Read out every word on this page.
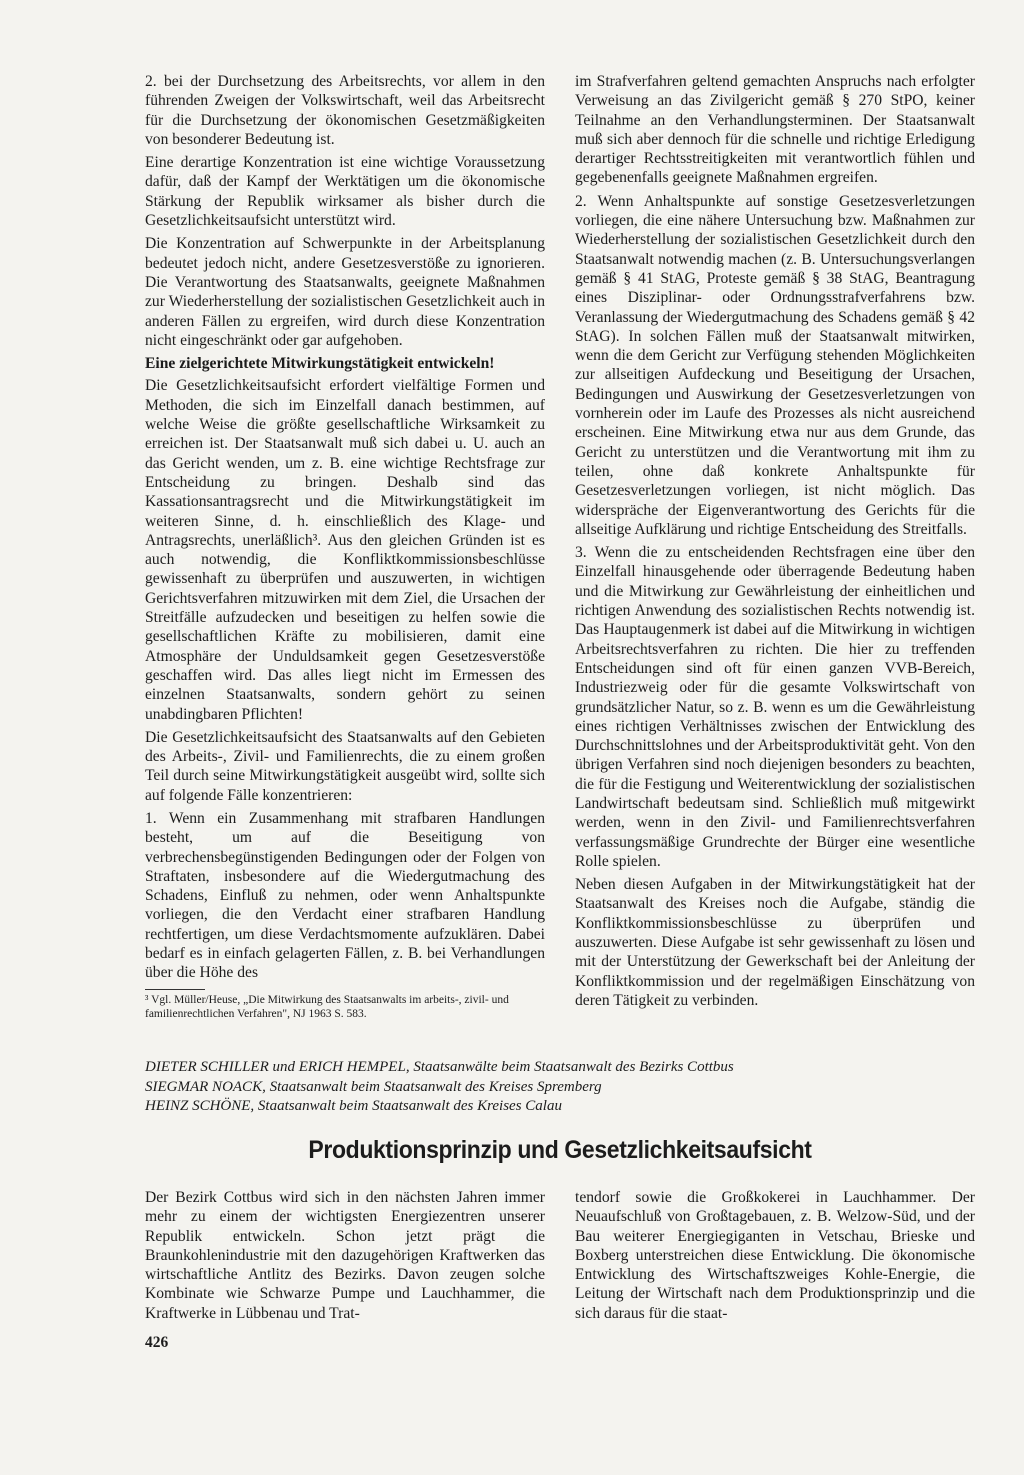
2. bei der Durchsetzung des Arbeitsrechts, vor allem in den führenden Zweigen der Volkswirtschaft, weil das Arbeitsrecht für die Durchsetzung der ökonomischen Gesetzmäßigkeiten von besonderer Bedeutung ist.

Eine derartige Konzentration ist eine wichtige Voraussetzung dafür, daß der Kampf der Werktätigen um die ökonomische Stärkung der Republik wirksamer als bisher durch die Gesetzlichkeitsaufsicht unterstützt wird.

Die Konzentration auf Schwerpunkte in der Arbeitsplanung bedeutet jedoch nicht, andere Gesetzesverstöße zu ignorieren. Die Verantwortung des Staatsanwalts, geeignete Maßnahmen zur Wiederherstellung der sozialistischen Gesetzlichkeit auch in anderen Fällen zu ergreifen, wird durch diese Konzentration nicht eingeschränkt oder gar aufgehoben.

Eine zielgerichtete Mitwirkungstätigkeit entwickeln!

Die Gesetzlichkeitsaufsicht erfordert vielfältige Formen und Methoden, die sich im Einzelfall danach bestimmen, auf welche Weise die größte gesellschaftliche Wirksamkeit zu erreichen ist. Der Staatsanwalt muß sich dabei u. U. auch an das Gericht wenden, um z. B. eine wichtige Rechtsfrage zur Entscheidung zu bringen. Deshalb sind das Kassationsantragsrecht und die Mitwirkungstätigkeit im weiteren Sinne, d. h. einschließlich des Klage- und Antragsrechts, unerläßlich³. Aus den gleichen Gründen ist es auch notwendig, die Konfliktkommissionsbeschlüsse gewissenhaft zu überprüfen und auszuwerten, in wichtigen Gerichtsverfahren mitzuwirken mit dem Ziel, die Ursachen der Streitfälle aufzudecken und beseitigen zu helfen sowie die gesellschaftlichen Kräfte zu mobilisieren, damit eine Atmosphäre der Unduldsamkeit gegen Gesetzesverstöße geschaffen wird. Das alles liegt nicht im Ermessen des einzelnen Staatsanwalts, sondern gehört zu seinen unabdingbaren Pflichten!

Die Gesetzlichkeitsaufsicht des Staatsanwalts auf den Gebieten des Arbeits-, Zivil- und Familienrechts, die zu einem großen Teil durch seine Mitwirkungstätigkeit ausgeübt wird, sollte sich auf folgende Fälle konzentrieren:

1. Wenn ein Zusammenhang mit strafbaren Handlungen besteht, um auf die Beseitigung von verbrechensbegünstigenden Bedingungen oder der Folgen von Straftaten, insbesondere auf die Wiedergutmachung des Schadens, Einfluß zu nehmen, oder wenn Anhaltspunkte vorliegen, die den Verdacht einer strafbaren Handlung rechtfertigen, um diese Verdachtsmomente aufzuklären. Dabei bedarf es in einfach gelagerten Fällen, z. B. bei Verhandlungen über die Höhe des

³ Vgl. Müller/Heuse, „Die Mitwirkung des Staatsanwalts im arbeits-, zivil- und familienrechtlichen Verfahren", NJ 1963 S. 583.

im Strafverfahren geltend gemachten Anspruchs nach erfolgter Verweisung an das Zivilgericht gemäß § 270 StPO, keiner Teilnahme an den Verhandlungsterminen. Der Staatsanwalt muß sich aber dennoch für die schnelle und richtige Erledigung derartiger Rechtsstreitigkeiten mit verantwortlich fühlen und gegebenenfalls geeignete Maßnahmen ergreifen.

2. Wenn Anhaltspunkte auf sonstige Gesetzesverletzungen vorliegen, die eine nähere Untersuchung bzw. Maßnahmen zur Wiederherstellung der sozialistischen Gesetzlichkeit durch den Staatsanwalt notwendig machen (z. B. Untersuchungsverlangen gemäß § 41 StAG, Proteste gemäß § 38 StAG, Beantragung eines Disziplinar- oder Ordnungsstrafverfahrens bzw. Veranlassung der Wiedergutmachung des Schadens gemäß § 42 StAG). In solchen Fällen muß der Staatsanwalt mitwirken, wenn die dem Gericht zur Verfügung stehenden Möglichkeiten zur allseitigen Aufdeckung und Beseitigung der Ursachen, Bedingungen und Auswirkung der Gesetzesverletzungen von vornherein oder im Laufe des Prozesses als nicht ausreichend erscheinen. Eine Mitwirkung etwa nur aus dem Grunde, das Gericht zu unterstützen und die Verantwortung mit ihm zu teilen, ohne daß konkrete Anhaltspunkte für Gesetzesverletzungen vorliegen, ist nicht möglich. Das widerspräche der Eigenverantwortung des Gerichts für die allseitige Aufklärung und richtige Entscheidung des Streitfalls.

3. Wenn die zu entscheidenden Rechtsfragen eine über den Einzelfall hinausgehende oder überragende Bedeutung haben und die Mitwirkung zur Gewährleistung der einheitlichen und richtigen Anwendung des sozialistischen Rechts notwendig ist. Das Hauptaugenmerk ist dabei auf die Mitwirkung in wichtigen Arbeitsrechtsverfahren zu richten. Die hier zu treffenden Entscheidungen sind oft für einen ganzen VVB-Bereich, Industriezweig oder für die gesamte Volkswirtschaft von grundsätzlicher Natur, so z. B. wenn es um die Gewährleistung eines richtigen Verhältnisses zwischen der Entwicklung des Durchschnittslohnes und der Arbeitsproduktivität geht. Von den übrigen Verfahren sind noch diejenigen besonders zu beachten, die für die Festigung und Weiterentwicklung der sozialistischen Landwirtschaft bedeutsam sind. Schließlich muß mitgewirkt werden, wenn in den Zivil- und Familienrechtsverfahren verfassungsmäßige Grundrechte der Bürger eine wesentliche Rolle spielen.

Neben diesen Aufgaben in der Mitwirkungstätigkeit hat der Staatsanwalt des Kreises noch die Aufgabe, ständig die Konfliktkommissionsbeschlüsse zu überprüfen und auszuwerten. Diese Aufgabe ist sehr gewissenhaft zu lösen und mit der Unterstützung der Gewerkschaft bei der Anleitung der Konfliktkommission und der regelmäßigen Einschätzung von deren Tätigkeit zu verbinden.

DIETER SCHILLER und ERICH HEMPEL, Staatsanwälte beim Staatsanwalt des Bezirks Cottbus
SIEGMAR NOACK, Staatsanwalt beim Staatsanwalt des Kreises Spremberg
HEINZ SCHÖNE, Staatsanwalt beim Staatsanwalt des Kreises Calau
Produktionsprinzip und Gesetzlichkeitsaufsicht

Der Bezirk Cottbus wird sich in den nächsten Jahren immer mehr zu einem der wichtigsten Energiezentren unserer Republik entwickeln. Schon jetzt prägt die Braunkohlenindustrie mit den dazugehörigen Kraftwerken das wirtschaftliche Antlitz des Bezirks. Davon zeugen solche Kombinate wie Schwarze Pumpe und Lauchhammer, die Kraftwerke in Lübbenau und Trat-

tendorf sowie die Großkokerei in Lauchhammer. Der Neuaufschluß von Großtagebauen, z. B. Welzow-Süd, und der Bau weiterer Energiegiganten in Vetschau, Brieske und Boxberg unterstreichen diese Entwicklung. Die ökonomische Entwicklung des Wirtschaftszweiges Kohle-Energie, die Leitung der Wirtschaft nach dem Produktionsprinzip und die sich daraus für die staat-

426
